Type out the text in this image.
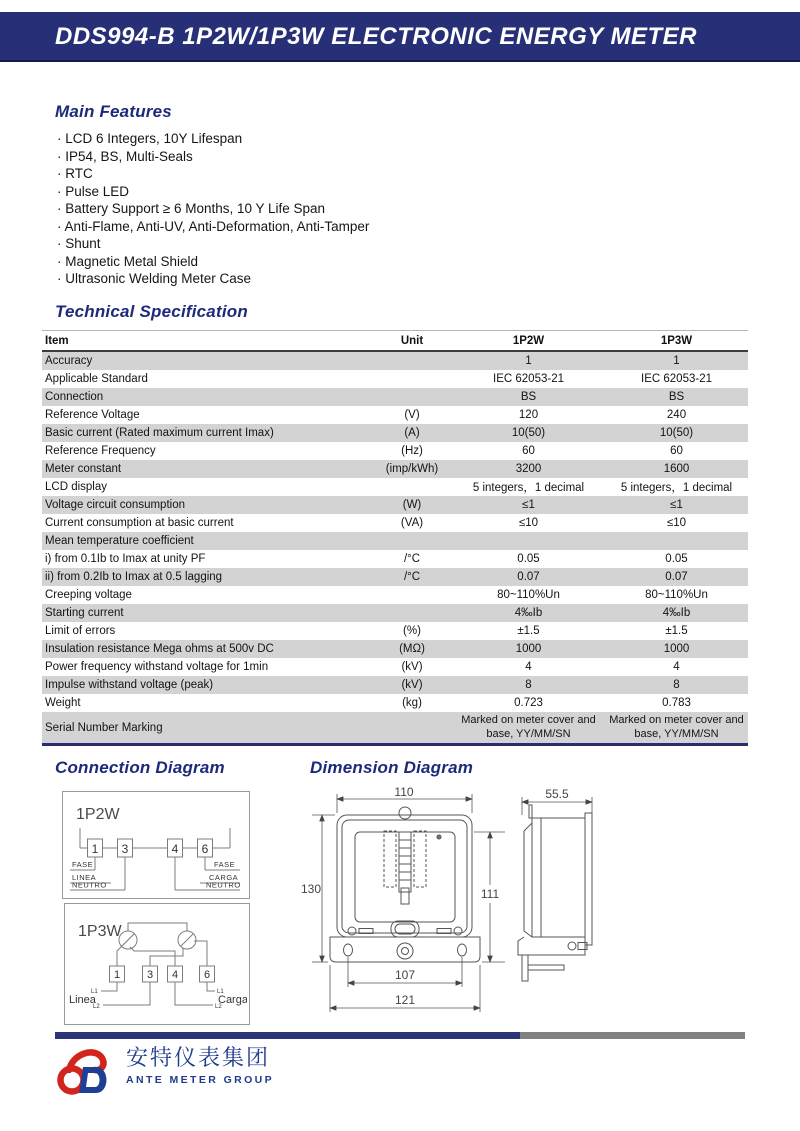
DDS994-B 1P2W/1P3W ELECTRONIC ENERGY METER
Main Features
· LCD 6 Integers, 10Y Lifespan
· IP54, BS, Multi-Seals
· RTC
· Pulse LED
· Battery Support ≥ 6 Months, 10 Y Life Span
· Anti-Flame, Anti-UV, Anti-Deformation, Anti-Tamper
· Shunt
· Magnetic Metal Shield
· Ultrasonic Welding Meter Case
Technical Specification
Item	Unit	1P2W	1P3W
Accuracy		1	1
Applicable Standard		IEC 62053-21	IEC 62053-21
Connection		BS	BS
Reference Voltage	(V)	120	240
Basic current (Rated maximum current Imax)	(A)	10(50)	10(50)
Reference Frequency	(Hz)	60	60
Meter constant	(imp/kWh)	3200	1600
LCD display		5 integers，1 decimal	5 integers，1 decimal
Voltage circuit consumption	(W)	≤1	≤1
Current consumption at basic current	(VA)	≤10	≤10
Mean temperature coefficient			
i) from 0.1Ib to Imax at unity PF	/°C	0.05	0.05
ii) from 0.2Ib to Imax at 0.5 lagging	/°C	0.07	0.07
Creeping voltage		80~110%Un	80~110%Un
Starting current		4‰Ib	4‰Ib
Limit of errors	(%)	±1.5	±1.5
Insulation resistance Mega ohms at 500v DC	(MΩ)	1000	1000
Power frequency withstand voltage for 1min	(kV)	4	4
Impulse withstand voltage (peak)	(kV)	8	8
Weight	(kg)	0.723	0.783
Serial Number Marking		Marked on meter cover and base, YY/MM/SN	Marked on meter cover and base, YY/MM/SN
Connection Diagram
1P2W
1 3	4 6
FASE
LINEA
NEUTRO
FASE
CARGA
NEUTRO
1P3W
1 3 4 6
L1
L2
L1
L2
Linea	Carga
Dimension Diagram
110
130	111
107
121
55.5
安特仪表集团
ANTE METER GROUP
